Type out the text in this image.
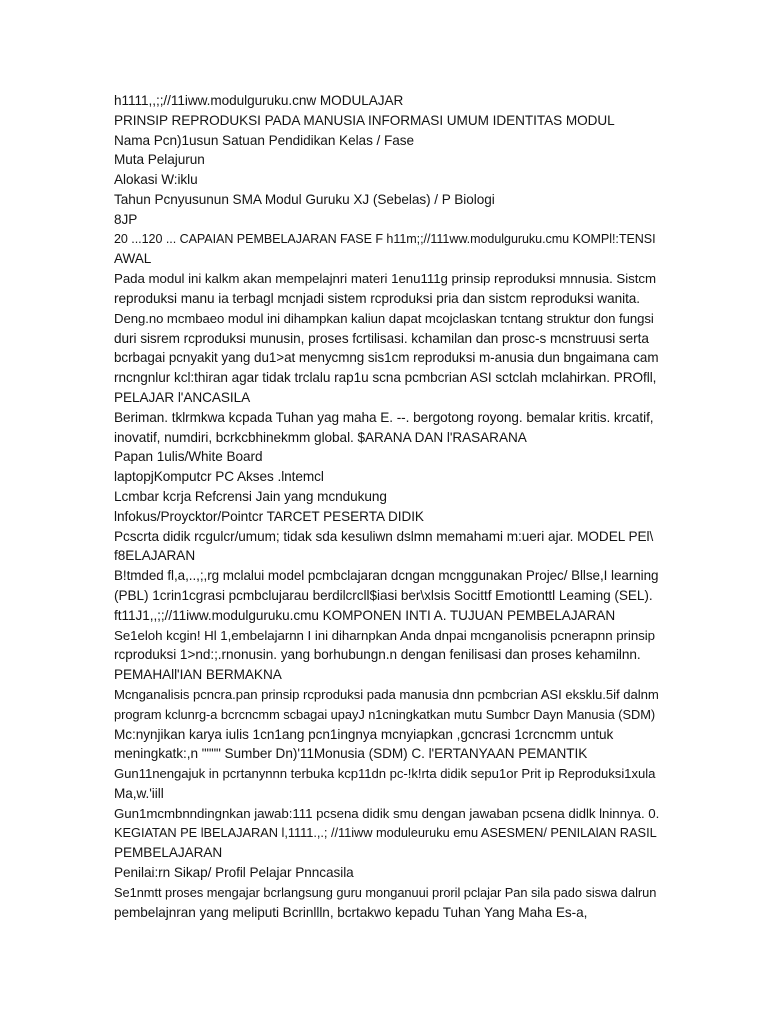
h1111,,;;//11iww.modulguruku.cnw MODULAJAR
PRINSIP REPRODUKSI PADA MANUSIA INFORMASI UMUM IDENTITAS MODUL
Nama Pcn)1usun Satuan Pendidikan Kelas / Fase
Muta Pelajurun
Alokasi W:iklu
Tahun Pcnyusunun SMA Modul Guruku XJ (Sebelas) / P Biologi
8JP
20 ...120 ... CAPAIAN PEMBELAJARAN FASE F h11m;;//111ww.modulguruku.cmu KOMPl!:TENSI
AWAL
Pada modul ini kalkm akan mempelajnri materi 1enu111g prinsip reproduksi mnnusia. Sistcm
reproduksi manu ia terbagl mcnjadi sistem rcproduksi pria dan sistcm reproduksi wanita.
Deng.no mcmbaeo modul ini dihampkan kaliun dapat mcojclaskan tcntang struktur don fungsi
duri sisrem rcproduksi munusin, proses fcrtilisasi. kchamilan dan prosc-s mcnstruusi serta
bcrbagai pcnyakit yang du1>at menycmng sis1cm reproduksi m-anusia dun bngaimana cam
rncngnlur kcl:thiran agar tidak trclalu rap1u scna pcmbcrian ASI sctclah mclahirkan. PROfll,
PELAJAR l'ANCASILA
Beriman. tklrmkwa kcpada Tuhan yag maha E. --. bergotong royong. bemalar kritis. krcatif,
inovatif, numdiri, bcrkcbhinekmm global. $ARANA DAN l'RASARANA
Papan 1ulis/White Board
laptopjKomputcr PC Akses .lntemcl
Lcmbar kcrja Refcrensi Jain yang mcndukung
lnfokus/Proycktor/Pointcr TARCET PESERTA DIDIK
Pcscrta didik rcgulcr/umum; tidak sda kesuliwn dslmn memahami m:ueri ajar. MODEL PEl\
f8ELAJARAN
B!tmded fl,a,..,;,rg mclalui model pcmbclajaran dcngan mcnggunakan Projec/ Bllse,I learning
(PBL) 1crin1cgrasi pcmbclujarau berdilcrcll$iasi ber\xlsis Socittf Emotionttl Leaming (SEL).
ft11J1,,;;//11iww.modulguruku.cmu KOMPONEN INTI A. TUJUAN PEMBELAJARAN
Se1eloh kcgin! Hl 1,embelajarnn I ini diharnpkan Anda dnpai mcnganolisis pcnerapnn prinsip
rcproduksi 1>nd:;.rnonusin. yang borhubungn.n dengan fenilisasi dan proses kehamilnn.
PEMAHAll'IAN BERMAKNA
Mcnganalisis pcncra.pan prinsip rcproduksi pada manusia dnn pcmbcrian ASI eksklu.5if dalnm
program kclunrg-a bcrcncmm scbagai upayJ n1cningkatkan mutu Sumbcr Dayn Manusia (SDM)
Mc:nynjikan karya iulis 1cn1ang pcn1ingnya mcnyiapkan ,gcncrasi 1crcncmm untuk
meningkatk:,n """" Sumber Dn)'11Monusia (SDM) C. l'ERTANYAAN PEMANTIK
Gun11nengajuk in pcrtanynnn terbuka kcp11dn pc-!k!rta didik sepu1or Prit ip Reproduksi1xula
Ma,w.'iill
Gun1mcmbnndingnkan jawab:111 pcsena didik smu dengan jawaban pcsena didlk lninnya. 0.
KEGIATAN PE lBELAJARAN l,1111.,.; //11iww moduleuruku emu ASESMEN/ PENILAlAN RASIL
PEMBELAJARAN
Penilai:rn Sikap/ Profil Pelajar Pnncasila
Se1nmtt proses mengajar bcrlangsung guru monganuui proril pclajar Pan sila pado siswa dalrun
pembelajnran yang meliputi Bcrinllln, bcrtakwo kepadu Tuhan Yang Maha Es-a,
